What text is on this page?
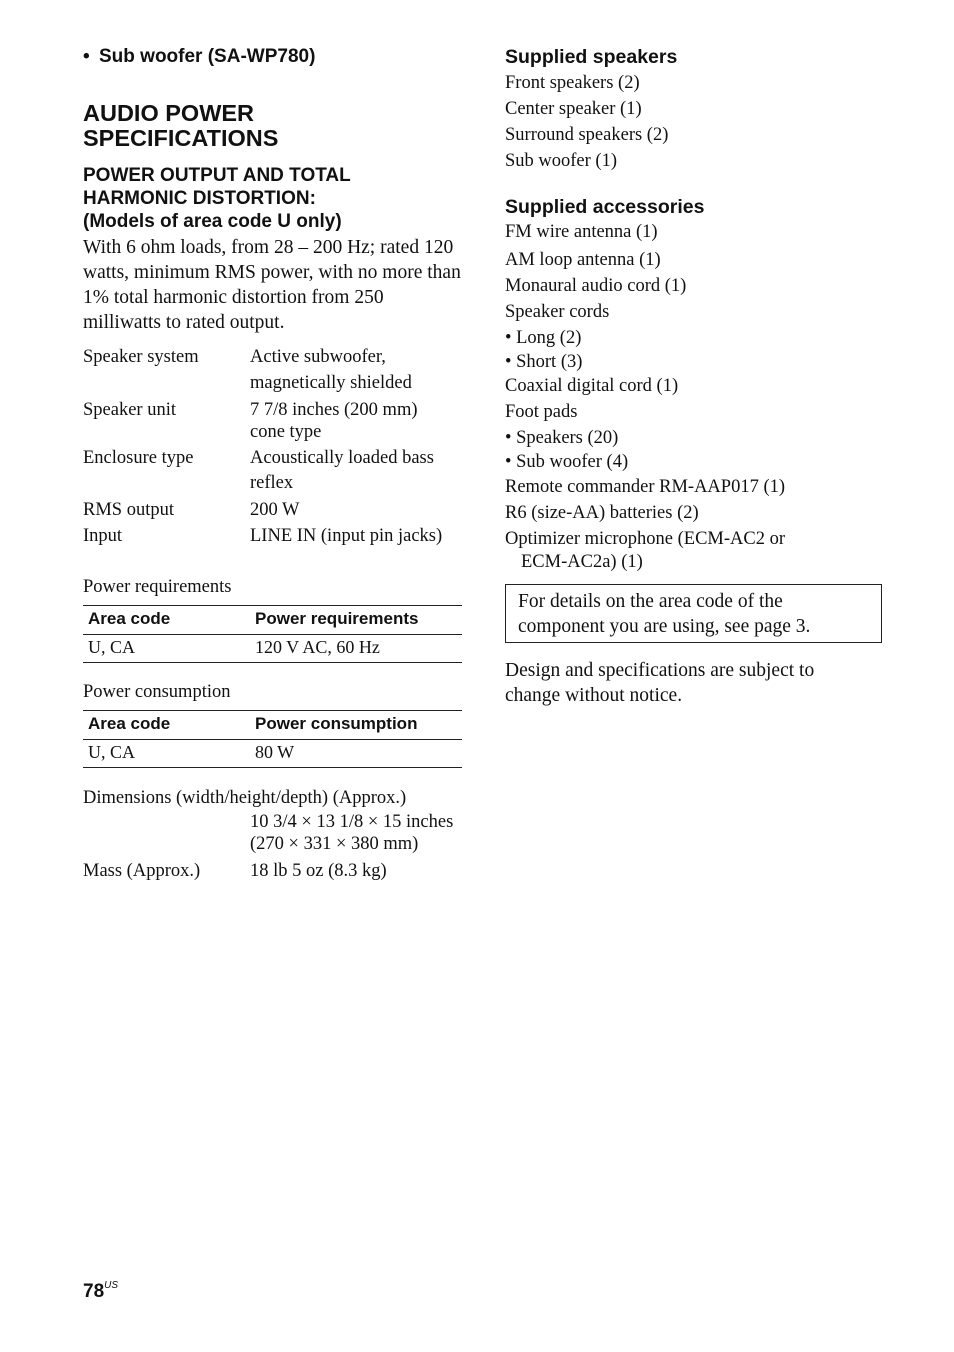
• Sub woofer (SA-WP780)

AUDIO POWER
SPECIFICATIONS
POWER OUTPUT AND TOTAL
HARMONIC DISTORTION:
(Models of area code U only)

With 6 ohm loads, from 28 – 200 Hz; rated 120 watts, minimum RMS power, with no more than 1% total harmonic distortion from 250 milliwatts to rated output.

Speaker system	Active subwoofer,
magnetically shielded
Speaker unit	7 7/8 inches (200 mm)
cone type
Enclosure type	Acoustically loaded bass
reflex
RMS output	200 W
Input	LINE IN (input pin jacks)
Power requirements
Area code	Power requirements
U, CA	120 V AC, 60 Hz
Power consumption
Area code	Power consumption
U, CA	80 W
Dimensions (width/height/depth) (Approx.)
10 3/4 × 13 1/8 × 15 inches
(270 × 331 × 380 mm)
Mass (Approx.)	18 lb 5 oz (8.3 kg)
Supplied speakers
Front speakers (2)
Center speaker (1)
Surround speakers (2)
Sub woofer (1)
Supplied accessories
FM wire antenna (1)
AM loop antenna (1)
Monaural audio cord (1)
Speaker cords
• Long (2)
• Short (3)
Coaxial digital cord (1)
Foot pads
• Speakers (20)
• Sub woofer (4)
Remote commander RM-AAP017 (1)
R6 (size-AA) batteries (2)
Optimizer microphone (ECM-AC2 or
ECM-AC2a) (1)
For details on the area code of the component you are using, see page 3.
Design and specifications are subject to change without notice.
$78^{US}$
